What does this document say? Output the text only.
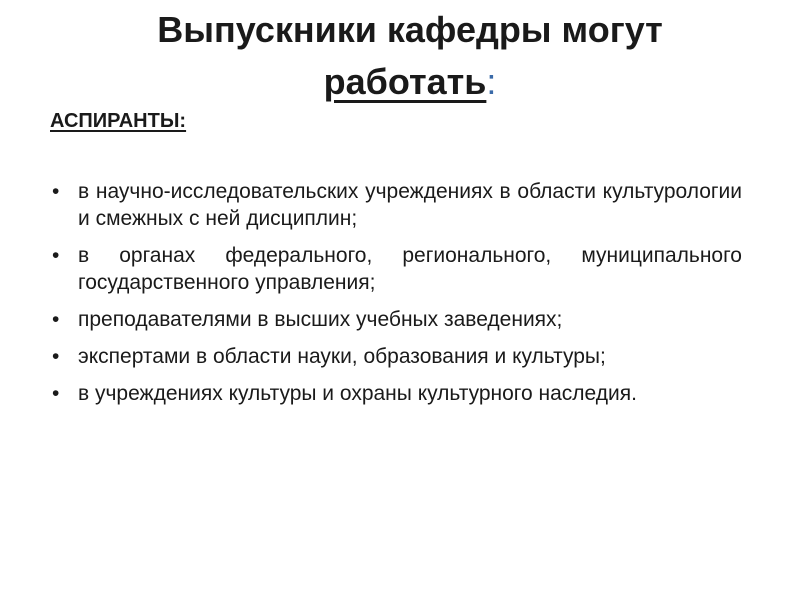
Выпускники кафедры могут
работать:
АСПИРАНТЫ:
• в научно-исследовательских учреждениях в области культурологии и смежных с ней дисциплин;
• в органах федерального, регионального, муниципального государственного управления;
• преподавателями в высших учебных заведениях;
• экспертами в области науки, образования и культуры;
• в учреждениях культуры и охраны культурного наследия.
